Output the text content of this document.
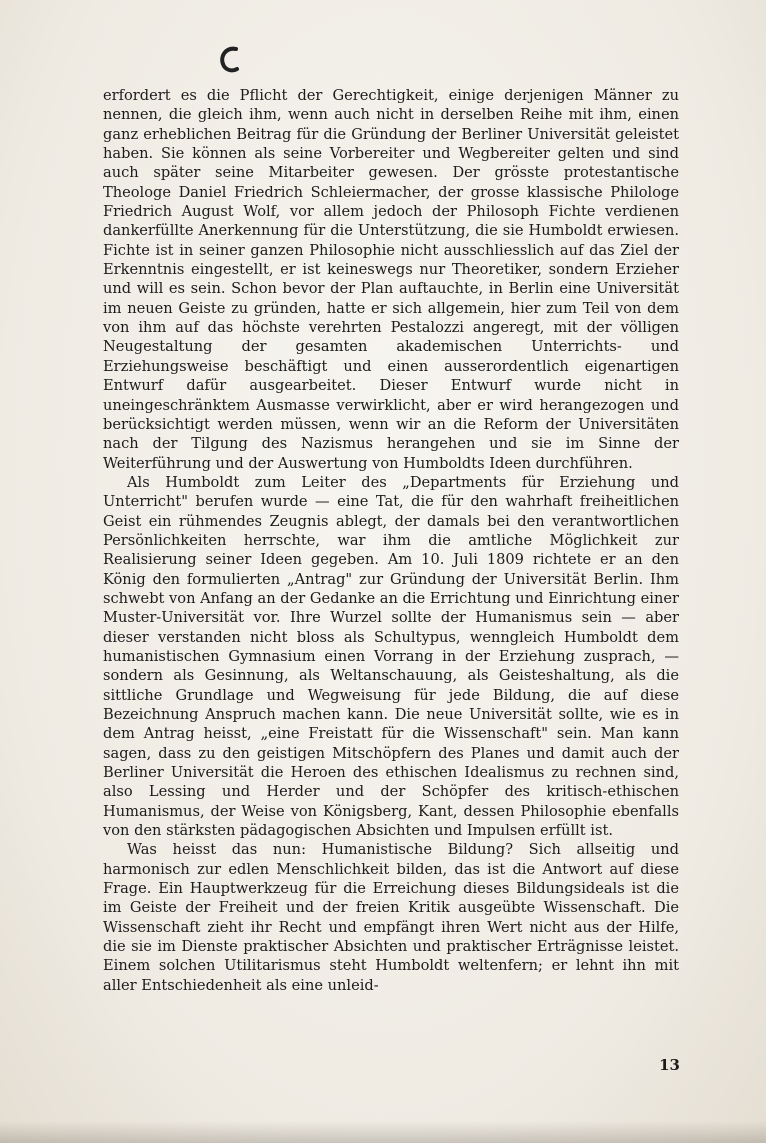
erfordert es die Pflicht der Gerechtigkeit, einige derjenigen Männer zu nennen, die gleich ihm, wenn auch nicht in derselben Reihe mit ihm, einen ganz erheblichen Beitrag für die Gründung der Berliner Universität geleistet haben. Sie können als seine Vorbereiter und Wegbereiter gelten und sind auch später seine Mitarbeiter gewesen. Der grösste protestantische Theologe Daniel Friedrich Schleiermacher, der grosse klassische Philologe Friedrich August Wolf, vor allem jedoch der Philosoph Fichte verdienen dankerfüllte Anerkennung für die Unterstützung, die sie Humboldt erwiesen. Fichte ist in seiner ganzen Philosophie nicht ausschliesslich auf das Ziel der Erkenntnis eingestellt, er ist keineswegs nur Theoretiker, sondern Erzieher und will es sein. Schon bevor der Plan auftauchte, in Berlin eine Universität im neuen Geiste zu gründen, hatte er sich allgemein, hier zum Teil von dem von ihm auf das höchste verehrten Pestalozzi angeregt, mit der völligen Neugestaltung der gesamten akademischen Unterrichts- und Erziehungsweise beschäftigt und einen ausserordentlich eigenartigen Entwurf dafür ausgearbeitet. Dieser Entwurf wurde nicht in uneingeschränktem Ausmasse verwirklicht, aber er wird herangezogen und berücksichtigt werden müssen, wenn wir an die Reform der Universitäten nach der Tilgung des Nazismus herangehen und sie im Sinne der Weiterführung und der Auswertung von Humboldts Ideen durchführen.

Als Humboldt zum Leiter des „Departments für Erziehung und Unterricht" berufen wurde — eine Tat, die für den wahrhaft freiheitlichen Geist ein rühmendes Zeugnis ablegt, der damals bei den verantwortlichen Persönlichkeiten herrschte, war ihm die amtliche Möglichkeit zur Realisierung seiner Ideen gegeben. Am 10. Juli 1809 richtete er an den König den formulierten „Antrag" zur Gründung der Universität Berlin. Ihm schwebt von Anfang an der Gedanke an die Errichtung und Einrichtung einer Muster-Universität vor. Ihre Wurzel sollte der Humanismus sein — aber dieser verstanden nicht bloss als Schultypus, wenngleich Humboldt dem humanistischen Gymnasium einen Vorrang in der Erziehung zusprach, — sondern als Gesinnung, als Weltanschauung, als Geisteshaltung, als die sittliche Grundlage und Wegweisung für jede Bildung, die auf diese Bezeichnung Anspruch machen kann. Die neue Universität sollte, wie es in dem Antrag heisst, „eine Freistatt für die Wissenschaft" sein. Man kann sagen, dass zu den geistigen Mitschöpfern des Planes und damit auch der Berliner Universität die Heroen des ethischen Idealismus zu rechnen sind, also Lessing und Herder und der Schöpfer des kritisch-ethischen Humanismus, der Weise von Königsberg, Kant, dessen Philosophie ebenfalls von den stärksten pädagogischen Absichten und Impulsen erfüllt ist.

Was heisst das nun: Humanistische Bildung? Sich allseitig und harmonisch zur edlen Menschlichkeit bilden, das ist die Antwort auf diese Frage. Ein Hauptwerkzeug für die Erreichung dieses Bildungsideals ist die im Geiste der Freiheit und der freien Kritik ausgeübte Wissenschaft. Die Wissenschaft zieht ihr Recht und empfängt ihren Wert nicht aus der Hilfe, die sie im Dienste praktischer Absichten und praktischer Erträgnisse leistet. Einem solchen Utilitarismus steht Humboldt weltenfern; er lehnt ihn mit aller Entschiedenheit als eine unleid-

13
